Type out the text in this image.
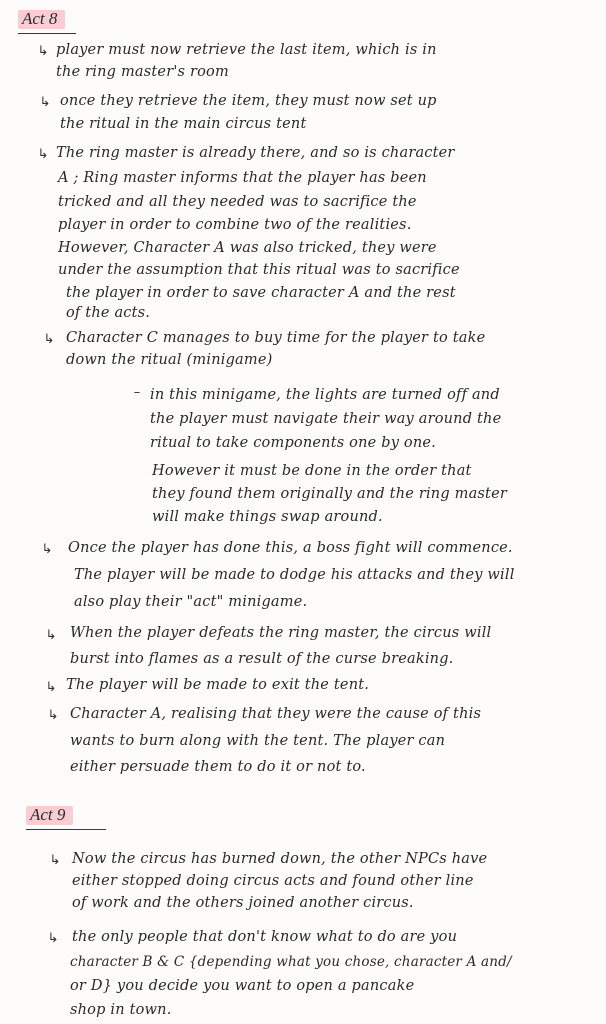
Act 8
↳ player must now retrieve the last item, which is in
the ring master's room
↳ once they retrieve the item, they must now set up
the ritual in the main circus tent
↳ The ring master is already there, and so is character
A ; Ring master informs that the player has been
tricked and all they needed was to sacrifice the
player in order to combine two of the realities.
However, Character A was also tricked, they were
under the assumption that this ritual was to sacrifice
the player in order to save character A and the rest
of the acts.
↳ Character C manages to buy time for the player to take
down the ritual (minigame)
– in this minigame, the lights are turned off and
the player must navigate their way around the
ritual to take components one by one.
However it must be done in the order that
they found them originally and the ring master
will make things swap around.
↳ Once the player has done this, a boss fight will commence.
The player will be made to dodge his attacks and they will
also play their "act" minigame.
↳ When the player defeats the ring master, the circus will
burst into flames as a result of the curse breaking.
↳ The player will be made to exit the tent.
↳ Character A, realising that they were the cause of this
wants to burn along with the tent. The player can
either persuade them to do it or not to.
Act 9
↳ Now the circus has burned down, the other NPCs have
either stopped doing circus acts and found other line
of work and the others joined another circus.
↳ the only people that don't know what to do are you
character B & C {depending what you chose, character A and/
or D} you decide you want to open a pancake
shop in town.
